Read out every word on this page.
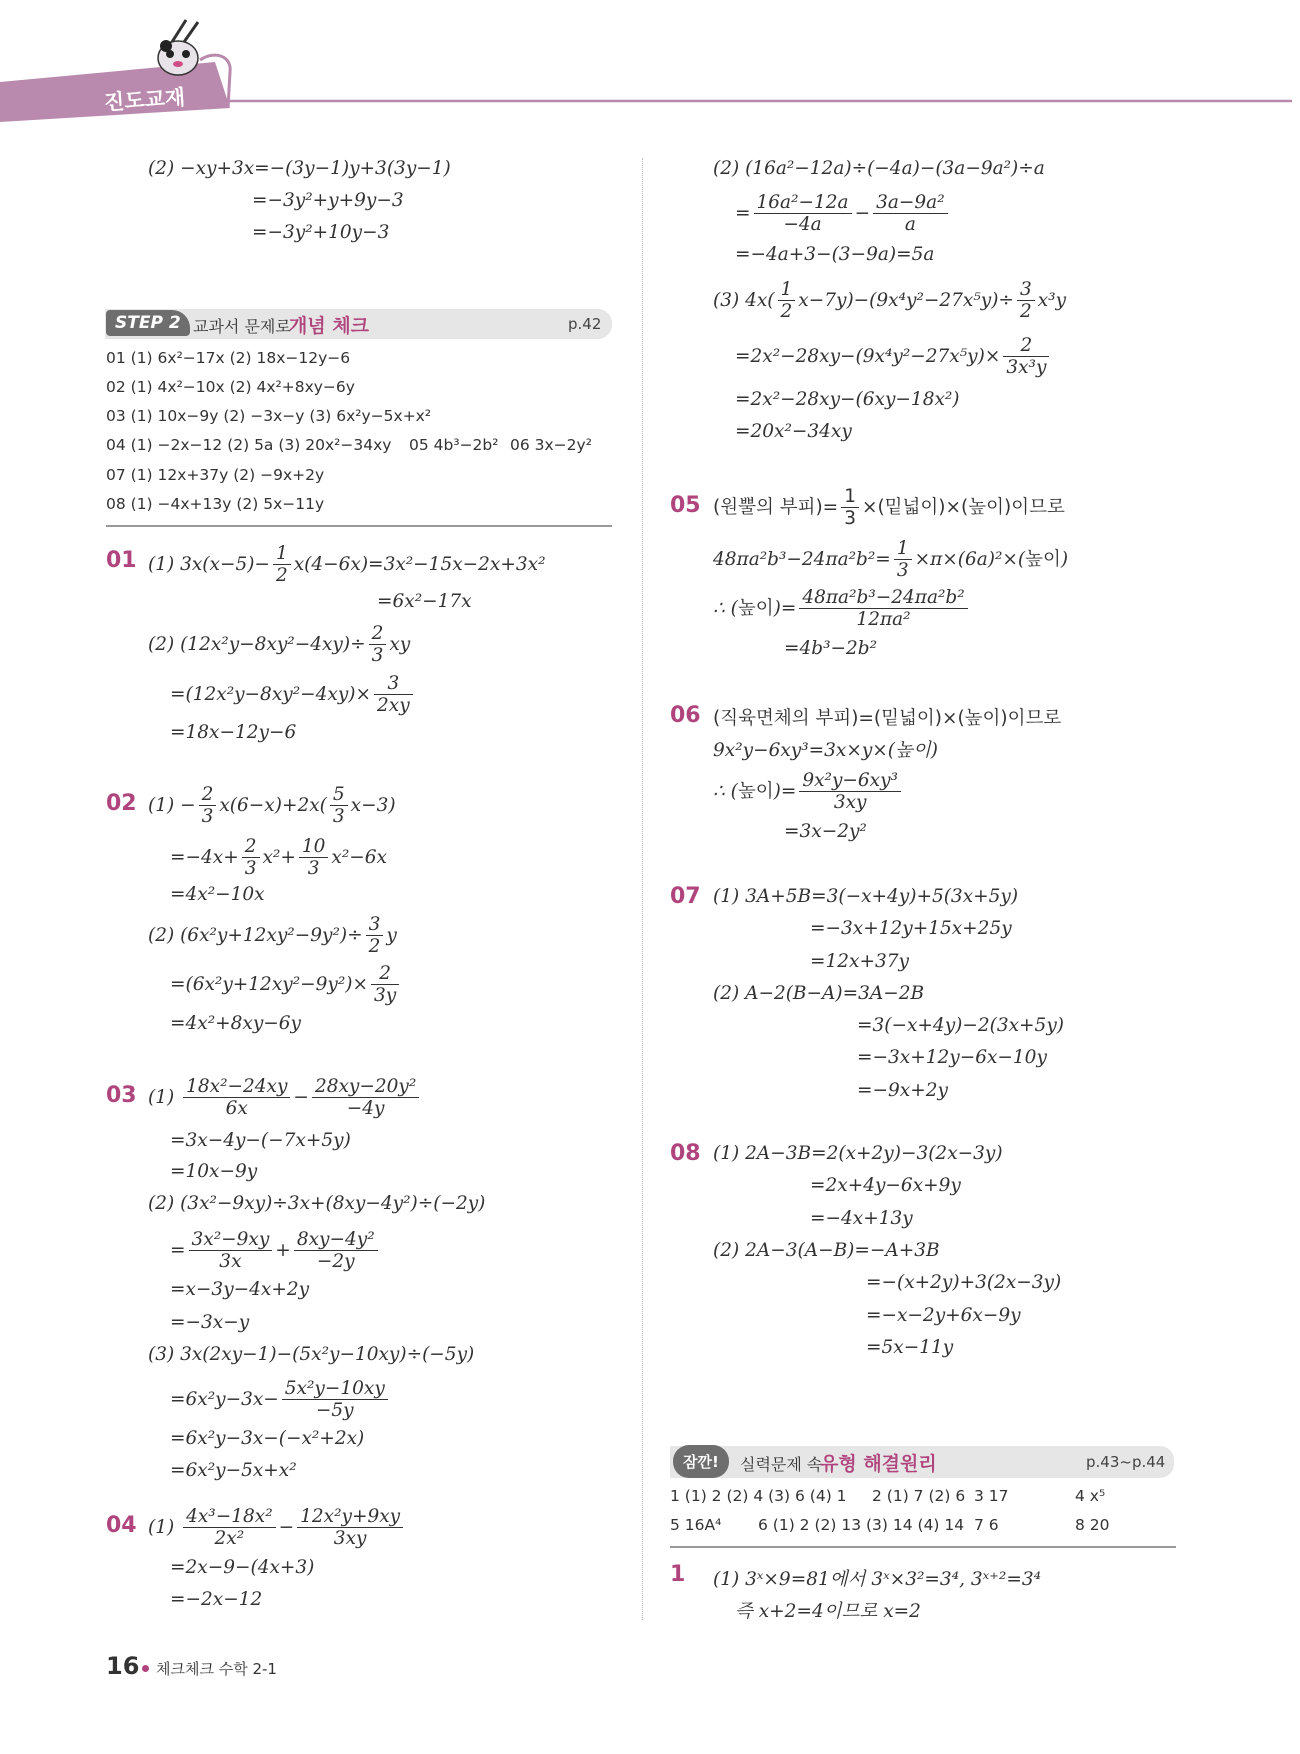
진도교재
(2) −xy+3x=−(3y−1)y+3(3y−1)
=−3y²+y+9y−3
=−3y²+10y−3
STEP 2 교과서 문제로
개념 체크	p.42
01 (1) 6x²−17x (2) 18x−12y−6
02 (1) 4x²−10x (2) 4x²+8xy−6y
03 (1) 10x−9y (2) −3x−y (3) 6x²y−5x+x²
04 (1) −2x−12 (2) 5a (3) 20x²−34xy 05 4b³−2b² 06 3x−2y²
07 (1) 12x+37y (2) −9x+2y
08 (1) −4x+13y (2) 5x−11y
01 (1) $3x(x-5)- \frac{1}{2} x(4-6x)=3x^2-15x-2x+3x^2$
=6x²−17x
(2) $(12x^2y-8xy^2-4xy)\div \frac{2}{3}$ xy
$=(12x^2y-8xy^2-4xy)\times \frac{3}{2xy}$
=18x−12y−6
02 $(1) - \frac{2}{3} x(6-x)+2x( \frac{5}{3} x-3)$
$=-4x+ \frac{2}{3} x^2+ \frac{10}{3} x^2-6x$
=4x²−10x
(2) $(6x^2y+12xy^2-9y^2)\div \frac{3}{2}$ y
$=(6x^2y+12xy^2-9y^2)\times \frac{2}{3y}$
=4x²+8xy−6y
03 $(1) \frac{\text{18x²−24xy}}{6x} - \frac{\text{28xy−20y²}}{-4y}$
=3x−4y−(−7x+5y)
=10x−9y
(2) (3x²−9xy)÷3x+(8xy−4y²)÷(−2y)
= $\frac{\text{3x²−9xy}}{3x} + \frac{\text{8xy−4y²}}{-2y}$
=x−3y−4x+2y
=−3x−y
(3) 3x(2xy−1)−(5x²y−10xy)÷(−5y)
$=6x^2y-3x- \frac{\text{5x²y−10xy}}{-5y}$
=6x²y−3x−(−x²+2x)
=6x²y−5x+x²
04 $(1) \frac{\text{4x³−18x²}}{\text{2x²}} - \frac{\text{12x²y+9xy}}{3xy}$
=2x−9−(4x+3)
=−2x−12
(2) (16a²−12a)÷(−4a)−(3a−9a²)÷a
= $\frac{\text{16a²−12a}}{-4a} - \frac{\text{3a−9a²}}{a}$
=−4a+3−(3−9a)=5a
(3) $4x( \frac{1}{2} x-7y)-(9x^4y^2-27x^5y)\div \frac{3}{2} x^3y$
$=2x^2-28xy-(9x^4y^2-27x^5y)\times \frac{2}{\text{3x³y}}$
=2x²−28xy−(6xy−18x²)
=20x²−34xy
05 (원뿔의 부피)= $\frac{1}{3}$ ×(밑넓이)×(높이)이므로
$48\pi a^2b^3-24\pi a^2b^2= \frac{1}{3} \times\pi\times(6a)^2\times$(높이)
∴ (높이)= $\frac{\text{48πa²b³−24πa²b²}}{\text{12πa²}}$
=4b³−2b²
06 (직육면체의 부피)=(밑넓이)×(높이)이므로
9x²y−6xy³=3x×y×(높이)
∴ (높이)= $\frac{\text{9x²y−6xy³}}{3xy}$
=3x−2y²
07 (1) 3A+5B=3(−x+4y)+5(3x+5y)
=−3x+12y+15x+25y
=12x+37y
(2) A−2(B−A)=3A−2B
=3(−x+4y)−2(3x+5y)
=−3x+12y−6x−10y
=−9x+2y
08 (1) 2A−3B=2(x+2y)−3(2x−3y)
=2x+4y−6x+9y
=−4x+13y
(2) 2A−3(A−B)=−A+3B
=−(x+2y)+3(2x−3y)
=−x−2y+6x−9y
=5x−11y
잠깐!	실력문제 속
유형 해결원리	p.43~p.44
1 (1) 2 (2) 4 (3) 6 (4) 1 2 (1) 7 (2) 6 3 17	4 x⁵
5 16A⁴ 6 (1) 2 (2) 13 (3) 14 (4) 14 7 6	8 20
1 (1) 3ˣ×9=81에서 3ˣ×3²=3⁴, 3ˣ⁺²=3⁴
즉 x+2=4이므로 x=2
16 체크체크 수학 2-1
